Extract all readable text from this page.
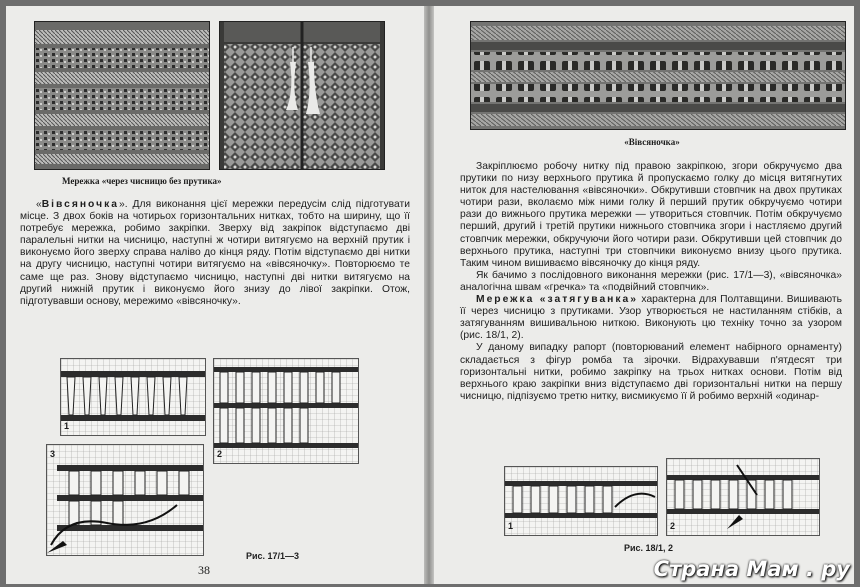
Мережка «через чисницю без прутика»

«Вівсяночка». Для виконання цієї мережки передусім слід підготувати місце. З двох боків на чотирьох горизонтальних нитках, тобто на ширину, що її потребує мережка, робимо закріпки. Зверху від закріпок відступаємо дві паралельні нитки на чисницю, наступні ж чотири витягуємо на верхній прутик і виконуємо його зверху справа наліво до кінця ряду. Потім відступаємо дві нитки на другу чисницю, наступні чотири витягуємо на «вівсяночку». Повторюємо те саме ще раз. Знову відступаємо чисницю, наступні дві нитки витягуємо на другий нижній прутик і виконуємо його знизу до лівої закріпки. Отож, підготувавши основу, мережимо «вівсяночку».

1
2
3
Рис. 17/1—3
38
«Вівсяночка»

Закріплюємо робочу нитку під правою закріпкою, згори обкручуємо два прутики по низу верхнього прутика й пропускаємо голку до місця витягнутих ниток для настелювання «вівсяночки». Обкрутивши стовпчик на двох прутиках чотири рази, вколаємо між ними голку й перший прутик обкручуємо чотири рази до вижнього прутика мережки — утвориться стовпчик. Потім обкручуємо перший, другий і третій прутики нижнього стовпчика згори і настляємо другий стовпчик мережки, обкручуючи його чотири рази. Обкрутивши цей стовпчик до верхнього прутика, наступні три стовпчики виконуємо внизу цього прутика. Таким чином вишиваємо вівсяночку до кінця ряду.

Як бачимо з послідовного виконання мережки (рис. 17/1—3), «вівсяночка» аналогічна швам «гречка» та «подвійний стовпчик».

Мережка «затягуванка» характерна для Полтавщини. Вишивають її через чисницю з прутиками. Узор утворюється не настиланням стібків, а затягуванням вишивальною ниткою. Виконують цю техніку точно за узором (рис. 18/1, 2).

У даному випадку рапорт (повторюваний елемент набірного орнаменту) складається з фігур ромба та зірочки. Відрахувавши п'ятдесят три горизонтальні нитки, робимо закріпку на трьох нитках основи. Потім від верхнього краю закріпки вниз відступаємо дві горизонтальні нитки на першу чисницю, підпізуємо третю нитку, висмикуємо її й робимо верхній «одинар-

1	2
Рис. 18/1, 2
Страна Мам . ру
